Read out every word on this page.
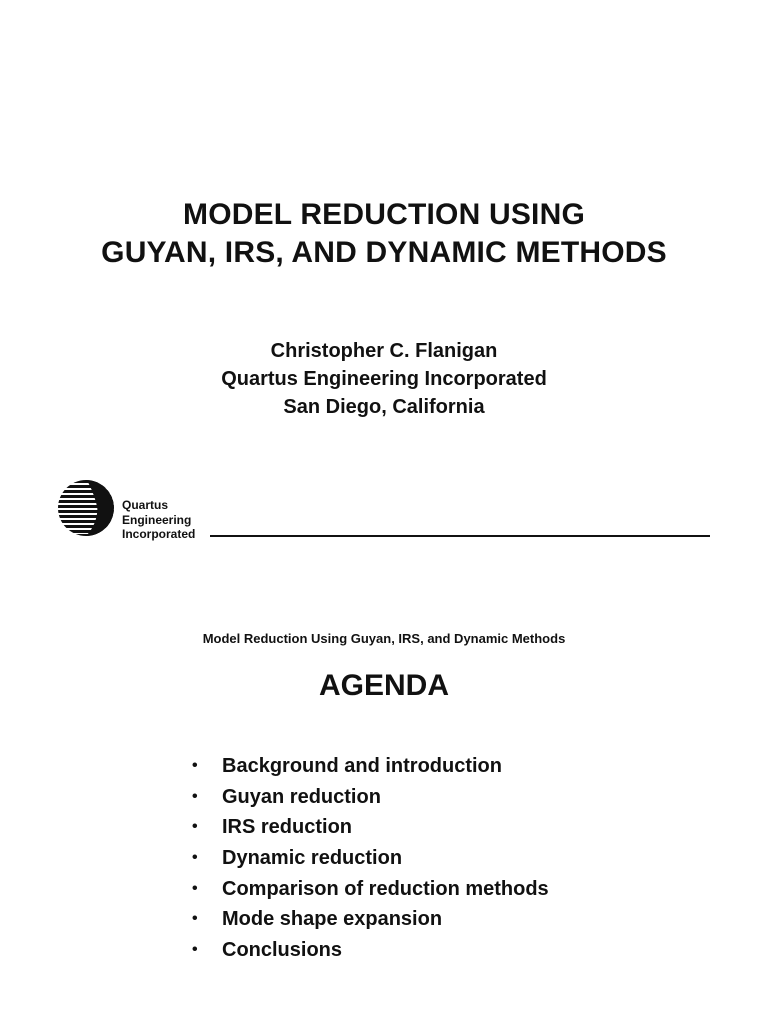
MODEL REDUCTION USING
GUYAN, IRS, AND DYNAMIC METHODS
Christopher C. Flanigan
Quartus Engineering Incorporated
San Diego, California
Quartus
Engineering
Incorporated
Model Reduction Using Guyan, IRS, and Dynamic Methods
AGENDA
•	Background and introduction
•	Guyan reduction
•	IRS reduction
•	Dynamic reduction
•	Comparison of reduction methods
•	Mode shape expansion
•	Conclusions
